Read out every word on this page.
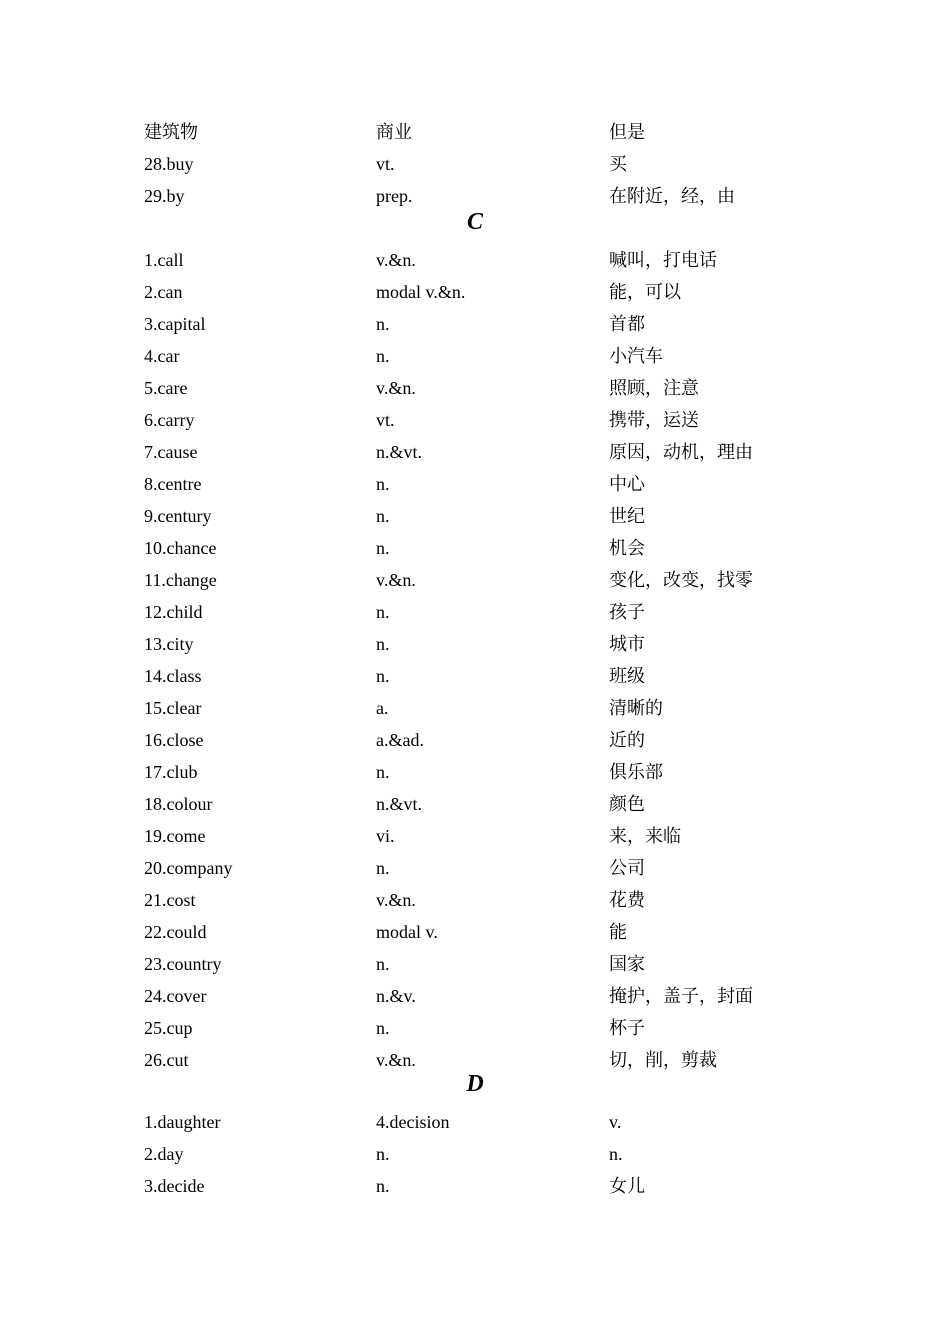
建筑物	商业	但是
28.buy	vt.	买
29.by	prep.	在附近，经，由
C
1.call	v.&n.	喊叫，打电话
2.can	modal v.&n.	能，可以
3.capital	n.	首都
4.car	n.	小汽车
5.care	v.&n.	照顾，注意
6.carry	vt.	携带，运送
7.cause	n.&vt.	原因，动机，理由
8.centre	n.	中心
9.century	n.	世纪
10.chance	n.	机会
11.change	v.&n.	变化，改变，找零
12.child	n.	孩子
13.city	n.	城市
14.class	n.	班级
15.clear	a.	清晰的
16.close	a.&ad.	近的
17.club	n.	俱乐部
18.colour	n.&vt.	颜色
19.come	vi.	来，来临
20.company	n.	公司
21.cost	v.&n.	花费
22.could	modal v.	能
23.country	n.	国家
24.cover	n.&v.	掩护，盖子，封面
25.cup	n.	杯子
26.cut	v.&n.	切，削，剪裁
D
1.daughter	4.decision	v.
2.day	n.	n.
3.decide	n.	女儿
